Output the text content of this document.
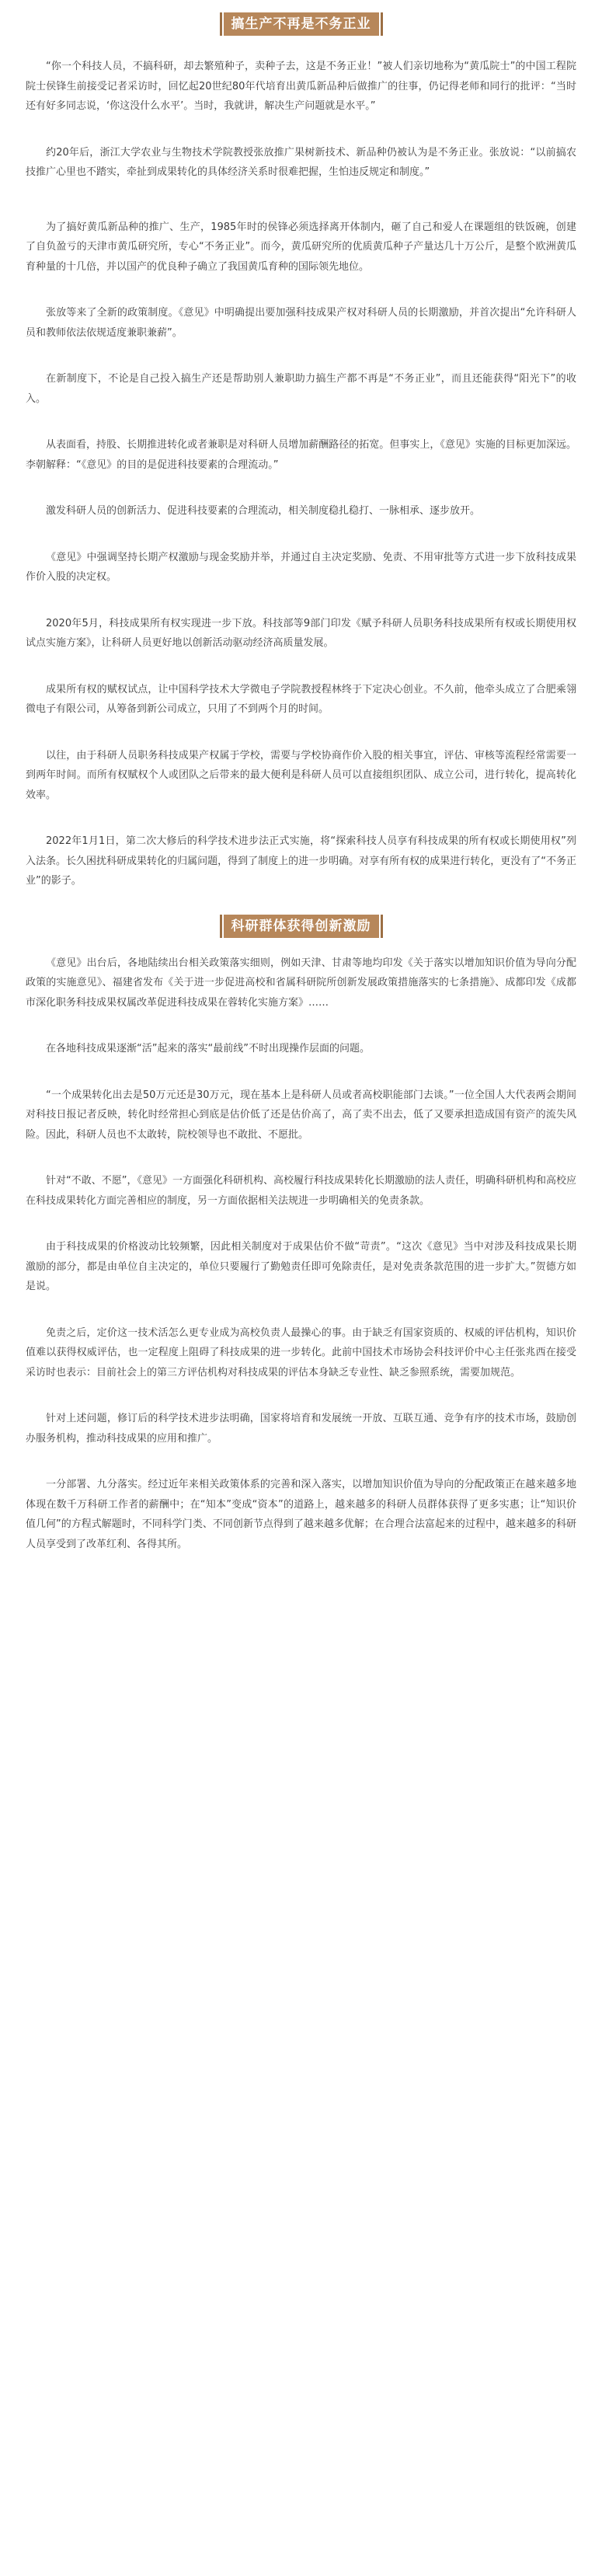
搞生产不再是不务正业

“你一个科技人员，不搞科研，却去繁殖种子，卖种子去，这是不务正业！”被人们亲切地称为“黄瓜院士”的中国工程院院士侯锋生前接受记者采访时，回忆起20世纪80年代培育出黄瓜新品种后做推广的往事，仍记得老师和同行的批评：“当时还有好多同志说，‘你这没什么水平’。当时，我就讲，解决生产问题就是水平。”

约20年后，浙江大学农业与生物技术学院教授张放推广果树新技术、新品种仍被认为是不务正业。张放说：“以前搞农技推广心里也不踏实，牵扯到成果转化的具体经济关系时很难把握，生怕违反规定和制度。”

为了搞好黄瓜新品种的推广、生产，1985年时的侯锋必须选择离开体制内，砸了自己和爱人在课题组的铁饭碗，创建了自负盈亏的天津市黄瓜研究所，专心“不务正业”。而今，黄瓜研究所的优质黄瓜种子产量达几十万公斤，是整个欧洲黄瓜育种量的十几倍，并以国产的优良种子确立了我国黄瓜育种的国际领先地位。

张放等来了全新的政策制度。《意见》中明确提出要加强科技成果产权对科研人员的长期激励，并首次提出“允许科研人员和教师依法依规适度兼职兼薪”。

在新制度下，不论是自己投入搞生产还是帮助别人兼职助力搞生产都不再是“不务正业”，而且还能获得“阳光下”的收入。

从表面看，持股、长期推进转化或者兼职是对科研人员增加薪酬路径的拓宽。但事实上，《意见》实施的目标更加深远。李朝解释：“《意见》的目的是促进科技要素的合理流动。”

激发科研人员的创新活力、促进科技要素的合理流动，相关制度稳扎稳打、一脉相承、逐步放开。

《意见》中强调坚持长期产权激励与现金奖励并举，并通过自主决定奖励、免责、不用审批等方式进一步下放科技成果作价入股的决定权。

2020年5月，科技成果所有权实现进一步下放。科技部等9部门印发《赋予科研人员职务科技成果所有权或长期使用权试点实施方案》，让科研人员更好地以创新活动驱动经济高质量发展。

成果所有权的赋权试点，让中国科学技术大学微电子学院教授程林终于下定决心创业。不久前，他牵头成立了合肥乘翎微电子有限公司，从筹备到新公司成立，只用了不到两个月的时间。

以往，由于科研人员职务科技成果产权属于学校，需要与学校协商作价入股的相关事宜，评估、审核等流程经常需要一到两年时间。而所有权赋权个人或团队之后带来的最大便利是科研人员可以直接组织团队、成立公司，进行转化，提高转化效率。

2022年1月1日，第二次大修后的科学技术进步法正式实施，将“探索科技人员享有科技成果的所有权或长期使用权”列入法条。长久困扰科研成果转化的归属问题，得到了制度上的进一步明确。对享有所有权的成果进行转化，更没有了“不务正业”的影子。

科研群体获得创新激励

《意见》出台后，各地陆续出台相关政策落实细则，例如天津、甘肃等地均印发《关于落实以增加知识价值为导向分配政策的实施意见》、福建省发布《关于进一步促进高校和省属科研院所创新发展政策措施落实的七条措施》、成都印发《成都市深化职务科技成果权属改革促进科技成果在蓉转化实施方案》……

在各地科技成果逐渐“活”起来的落实“最前线”不时出现操作层面的问题。

“一个成果转化出去是50万元还是30万元，现在基本上是科研人员或者高校职能部门去谈。”一位全国人大代表两会期间对科技日报记者反映，转化时经常担心到底是估价低了还是估价高了，高了卖不出去，低了又要承担造成国有资产的流失风险。因此，科研人员也不太敢转，院校领导也不敢批、不愿批。

针对“不敢、不愿”，《意见》一方面强化科研机构、高校履行科技成果转化长期激励的法人责任，明确科研机构和高校应在科技成果转化方面完善相应的制度，另一方面依据相关法规进一步明确相关的免责条款。

由于科技成果的价格波动比较频繁，因此相关制度对于成果估价不做“苛责”。“这次《意见》当中对涉及科技成果长期激励的部分，都是由单位自主决定的，单位只要履行了勤勉责任即可免除责任，是对免责条款范围的进一步扩大。”贺德方如是说。

免责之后，定价这一技术活怎么更专业成为高校负责人最操心的事。由于缺乏有国家资质的、权威的评估机构，知识价值难以获得权威评估，也一定程度上阻碍了科技成果的进一步转化。此前中国技术市场协会科技评价中心主任张兆西在接受采访时也表示：目前社会上的第三方评估机构对科技成果的评估本身缺乏专业性、缺乏参照系统，需要加规范。

针对上述问题，修订后的科学技术进步法明确，国家将培育和发展统一开放、互联互通、竞争有序的技术市场，鼓励创办服务机构，推动科技成果的应用和推广。

一分部署、九分落实。经过近年来相关政策体系的完善和深入落实，以增加知识价值为导向的分配政策正在越来越多地体现在数千万科研工作者的薪酬中；在“知本”变成“资本”的道路上，越来越多的科研人员群体获得了更多实惠；让“知识价值几何”的方程式解题时，不同科学门类、不同创新节点得到了越来越多优解；在合理合法富起来的过程中，越来越多的科研人员享受到了改革红利、各得其所。
